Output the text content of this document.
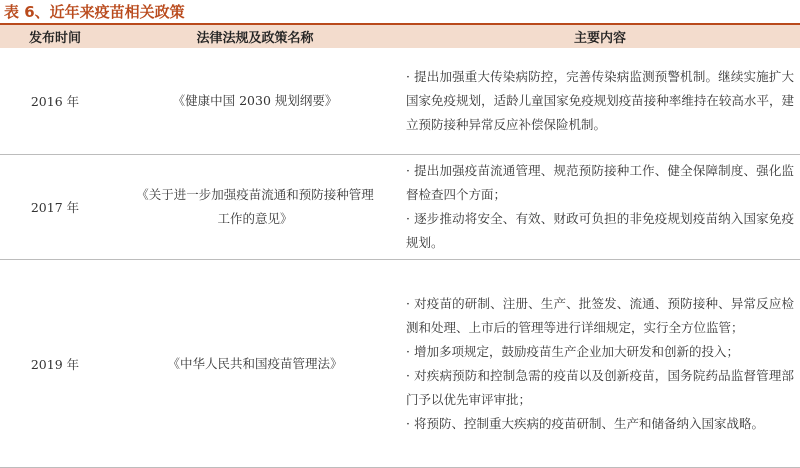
表 6、近年来疫苗相关政策
发布时间	法律法规及政策名称	主要内容
2016 年	《健康中国 2030 规划纲要》	· 提出加强重大传染病防控，完善传染病监测预警机制。继续实施扩大国家免疫规划，适龄儿童国家免疫规划疫苗接种率维持在较高水平，建立预防接种异常反应补偿保险机制。

2017 年	《关于进一步加强疫苗流通和预防接种管理工作的意见》	· 提出加强疫苗流通管理、规范预防接种工作、健全保障制度、强化监督检查四个方面；

· 逐步推动将安全、有效、财政可负担的非免疫规划疫苗纳入国家免疫规划。

2019 年	《中华人民共和国疫苗管理法》	· 对疫苗的研制、注册、生产、批签发、流通、预防接种、异常反应检测和处理、上市后的管理等进行详细规定，实行全方位监管；

· 增加多项规定，鼓励疫苗生产企业加大研发和创新的投入；

· 对疾病预防和控制急需的疫苗以及创新疫苗，国务院药品监督管理部门予以优先审评审批；

· 将预防、控制重大疾病的疫苗研制、生产和储备纳入国家战略。
